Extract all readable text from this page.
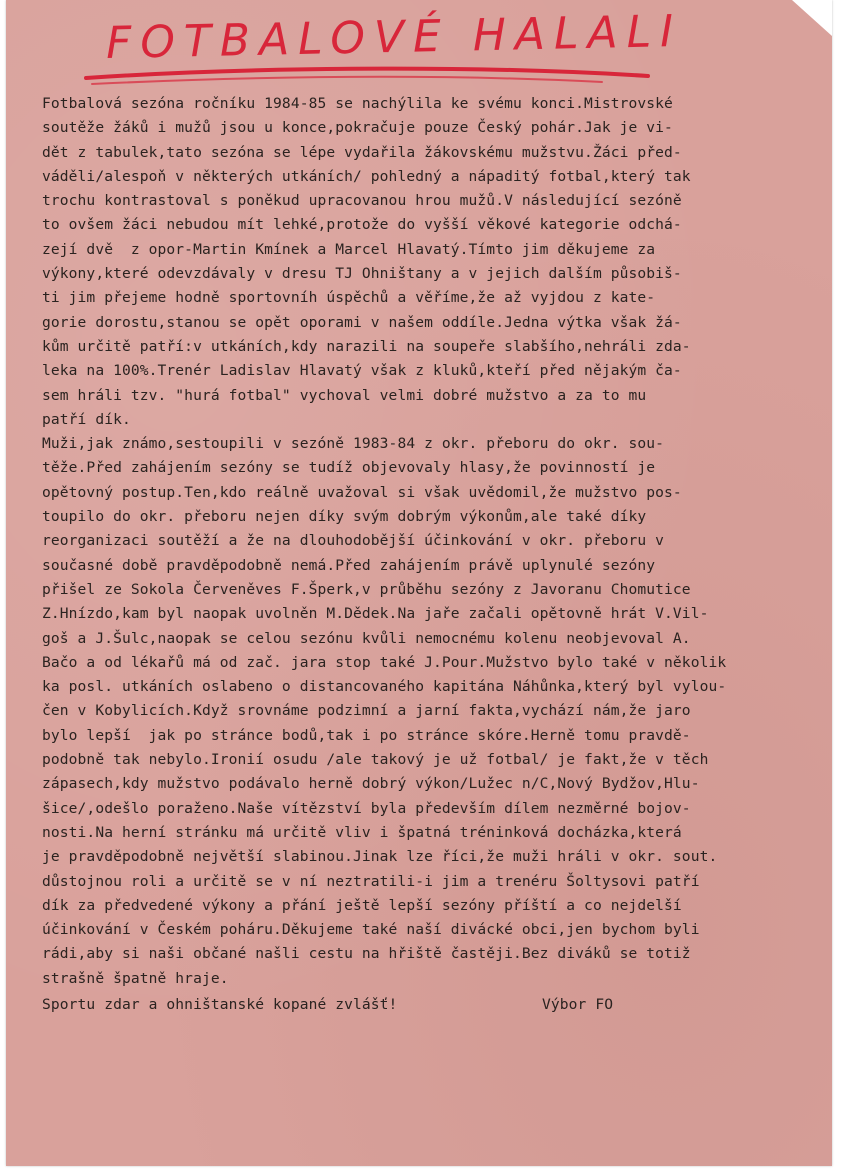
FOTBALOVÉ HALALI
Fotbalová sezóna ročníku 1984-85 se nachýlila ke svému konci.Mistrovské
soutěže žáků i mužů jsou u konce,pokračuje pouze Český pohár.Jak je vi-
dět z tabulek,tato sezóna se lépe vydařila žákovskému mužstvu.Žáci před-
váděli/alespoň v některých utkáních/ pohledný a nápaditý fotbal,který tak
trochu kontrastoval s poněkud upracovanou hrou mužů.V následující sezóně
to ovšem žáci nebudou mít lehké,protože do vyšší věkové kategorie odchá-
zejí dvě  z opor-Martin Kmínek a Marcel Hlavatý.Tímto jim děkujeme za
výkony,které odevzdávaly v dresu TJ Ohništany a v jejich dalším působiš-
ti jim přejeme hodně sportovníh úspěchů a věříme,že až vyjdou z kate-
gorie dorostu,stanou se opět oporami v našem oddíle.Jedna výtka však žá-
kům určitě patří:v utkáních,kdy narazili na soupeře slabšího,nehráli zda-
leka na 100%.Trenér Ladislav Hlavatý však z kluků,kteří před nějakým ča-
sem hráli tzv. "hurá fotbal" vychoval velmi dobré mužstvo a za to mu
patří dík.
Muži,jak známo,sestoupili v sezóně 1983-84 z okr. přeboru do okr. sou-
těže.Před zahájením sezóny se tudíž objevovaly hlasy,že povinností je
opětovný postup.Ten,kdo reálně uvažoval si však uvědomil,že mužstvo pos-
toupilo do okr. přeboru nejen díky svým dobrým výkonům,ale také díky
reorganizaci soutěží a že na dlouhodobější účinkování v okr. přeboru v
současné době pravděpodobně nemá.Před zahájením právě uplynulé sezóny
přišel ze Sokola Červeněves F.Šperk,v průběhu sezóny z Javoranu Chomutice
Z.Hnízdo,kam byl naopak uvolněn M.Dědek.Na jaře začali opětovně hrát V.Vil-
goš a J.Šulc,naopak se celou sezónu kvůli nemocnému kolenu neobjevoval A.
Bačo a od lékařů má od zač. jara stop také J.Pour.Mužstvo bylo také v několik
ka posl. utkáních oslabeno o distancovaného kapitána Náhůnka,který byl vylou-
čen v Kobylicích.Když srovnáme podzimní a jarní fakta,vychází nám,že jaro
bylo lepší  jak po stránce bodů,tak i po stránce skóre.Herně tomu pravdě-
podobně tak nebylo.Ironií osudu /ale takový je už fotbal/ je fakt,že v těch
zápasech,kdy mužstvo podávalo herně dobrý výkon/Lužec n/C,Nový Bydžov,Hlu-
šice/,odešlo poraženo.Naše vítězství byla především dílem nezměrné bojov-
nosti.Na herní stránku má určitě vliv i špatná tréninková docházka,která
je pravděpodobně největší slabinou.Jinak lze říci,že muži hráli v okr. sout.
důstojnou roli a určitě se v ní neztratili-i jim a trenéru Šoltysovi patří
dík za předvedené výkony a přání ještě lepší sezóny příští a co nejdelší
účinkování v Českém poháru.Děkujeme také naší divácké obci,jen bychom byli
rádi,aby si naši občané našli cestu na hřiště častěji.Bez diváků se totiž
strašně špatně hraje.
Sportu zdar a ohništanské kopané zvlášť!	Výbor FO
